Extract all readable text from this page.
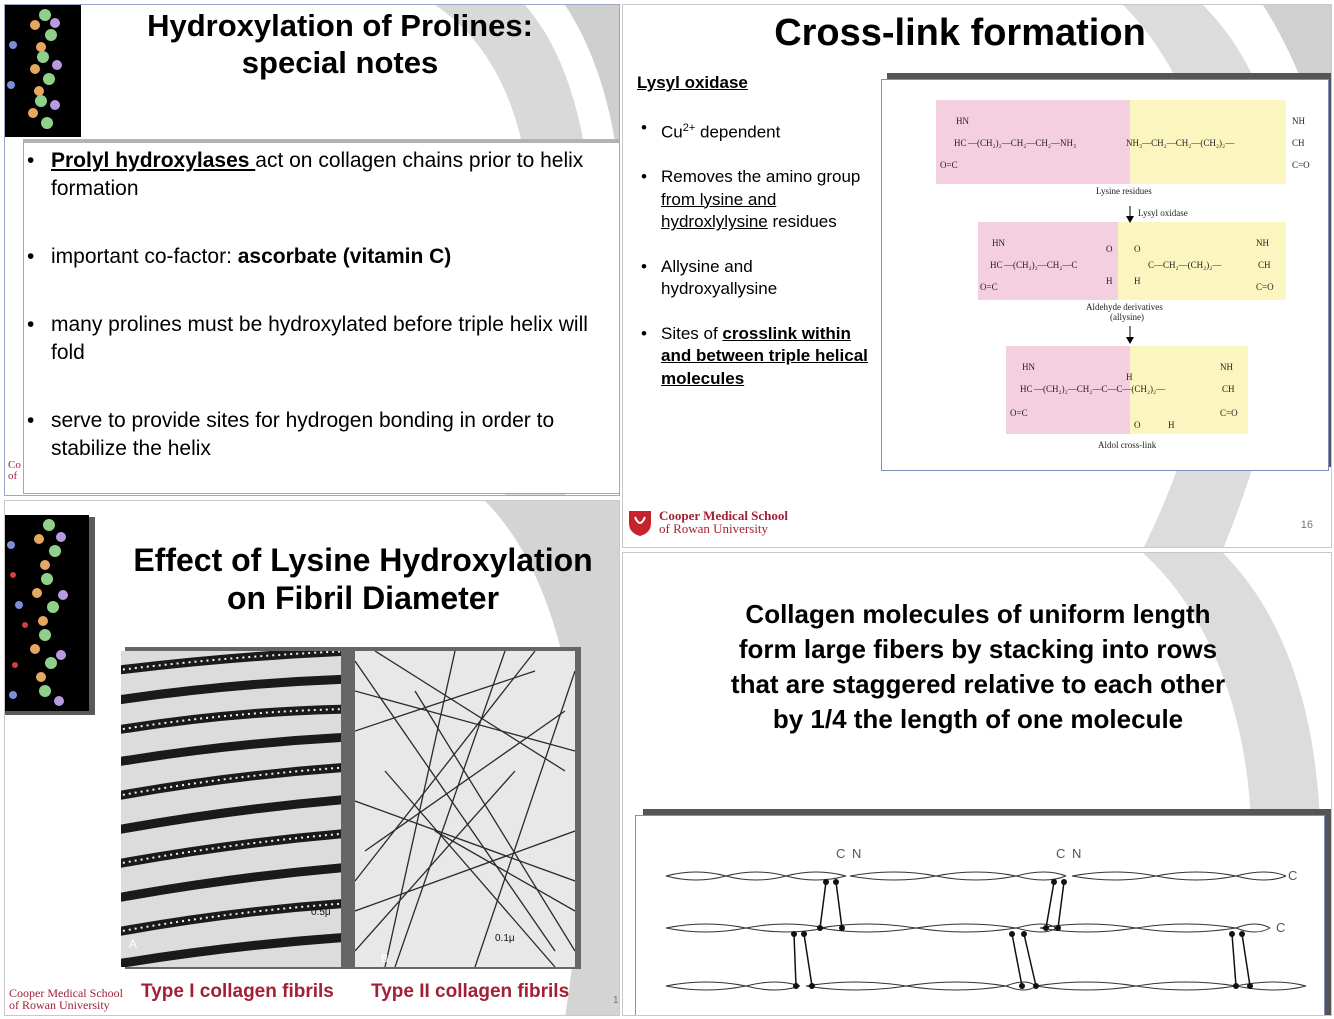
Hydroxylation of Prolines:
special notes
• Prolyl hydroxylases act on collagen chains prior to helix formation
• important co-factor: ascorbate (vitamin C)
• many prolines must be hydroxylated before triple helix will fold
• serve to provide sites for hydrogen bonding in order to stabilize the helix
Co
of
Cross-link formation
Lysyl oxidase
• $Cu^{2+}$ dependent
• Removes the amino group from lysine and hydroxlylysine residues
• Allysine and hydroxyallysine
• Sites of crosslink within and between triple helical molecules
HN
HC
O=C
—(CH₂)₂—CH₂—CH₂—NH₃	NH₃—CH₂—CH₂—(CH₂)₂—
NH
CH
C=O
Lysine residues
Lysyl oxidase
HN
HC
O=C
—(CH₂)₂—CH₂—C
O
H
O
H
C—CH₂—(CH₂)₂—
NH
CH
C=O
Aldehyde derivatives
(allysine)
HN
HC
O=C
H
—(CH₂)₂—CH₂—C—C—(CH₂)₂—
O	H
NH
CH
C=O
Aldol cross-link
Cooper Medical School
of Rowan University	16
Effect of Lysine Hydroxylation
on Fibril Diameter
A
0.5μ
B
0.1μ
Type I collagen fibrils Type II collagen fibrils
Cooper Medical School
of Rowan University	1
Collagen molecules of uniform length
form large fibers by stacking into rows
that are staggered relative to each other
by 1/4 the length of one molecule
C N	C N
C
C
